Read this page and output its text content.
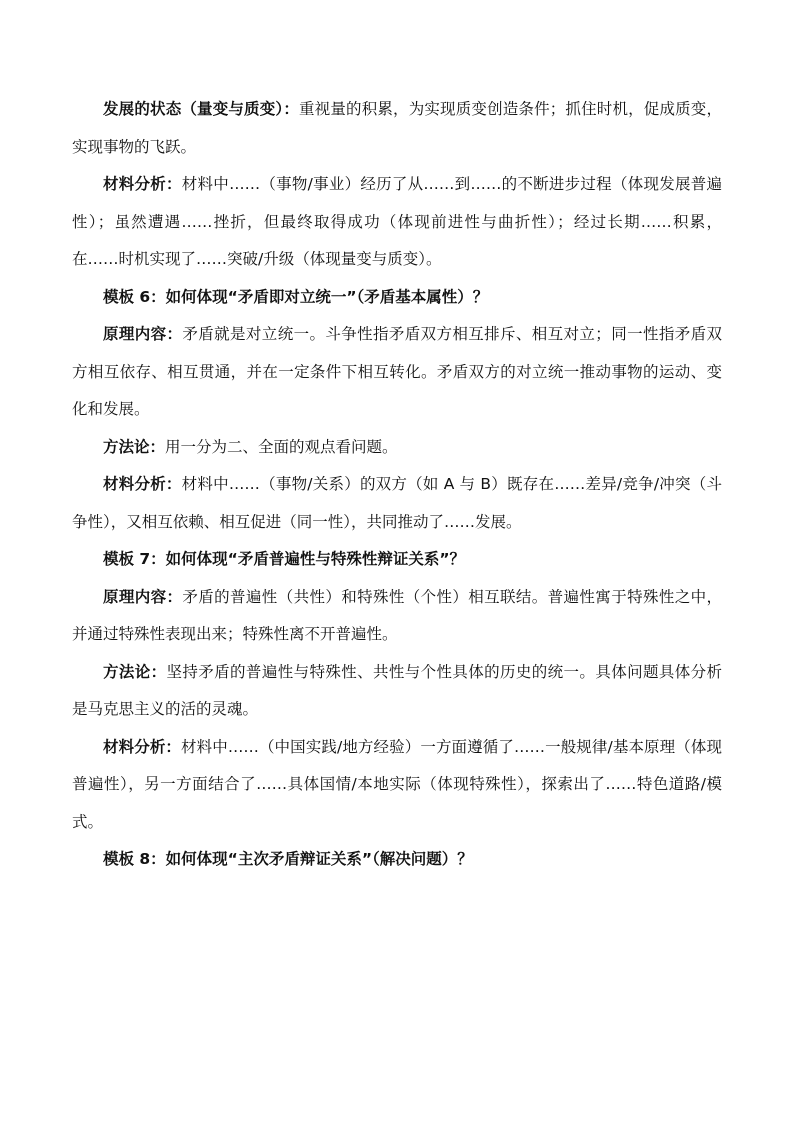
发展的状态（量变与质变）：重视量的积累，为实现质变创造条件；抓住时机，促成质变，实现事物的飞跃。

材料分析：材料中……（事物/事业）经历了从……到……的不断进步过程（体现发展普遍性）；虽然遭遇……挫折，但最终取得成功（体现前进性与曲折性）；经过长期……积累，在……时机实现了……突破/升级（体现量变与质变）。

模板 6：如何体现“矛盾即对立统一”（矛盾基本属性）？

原理内容：矛盾就是对立统一。斗争性指矛盾双方相互排斥、相互对立；同一性指矛盾双方相互依存、相互贯通，并在一定条件下相互转化。矛盾双方的对立统一推动事物的运动、变化和发展。

方法论：用一分为二、全面的观点看问题。

材料分析：材料中……（事物/关系）的双方（如 A 与 B）既存在……差异/竞争/冲突（斗争性），又相互依赖、相互促进（同一性），共同推动了……发展。

模板 7：如何体现“矛盾普遍性与特殊性辩证关系”？

原理内容：矛盾的普遍性（共性）和特殊性（个性）相互联结。普遍性寓于特殊性之中，并通过特殊性表现出来；特殊性离不开普遍性。

方法论：坚持矛盾的普遍性与特殊性、共性与个性具体的历史的统一。具体问题具体分析是马克思主义的活的灵魂。

材料分析：材料中……（中国实践/地方经验）一方面遵循了……一般规律/基本原理（体现普遍性），另一方面结合了……具体国情/本地实际（体现特殊性），探索出了……特色道路/模式。

模板 8：如何体现“主次矛盾辩证关系”（解决问题）？
